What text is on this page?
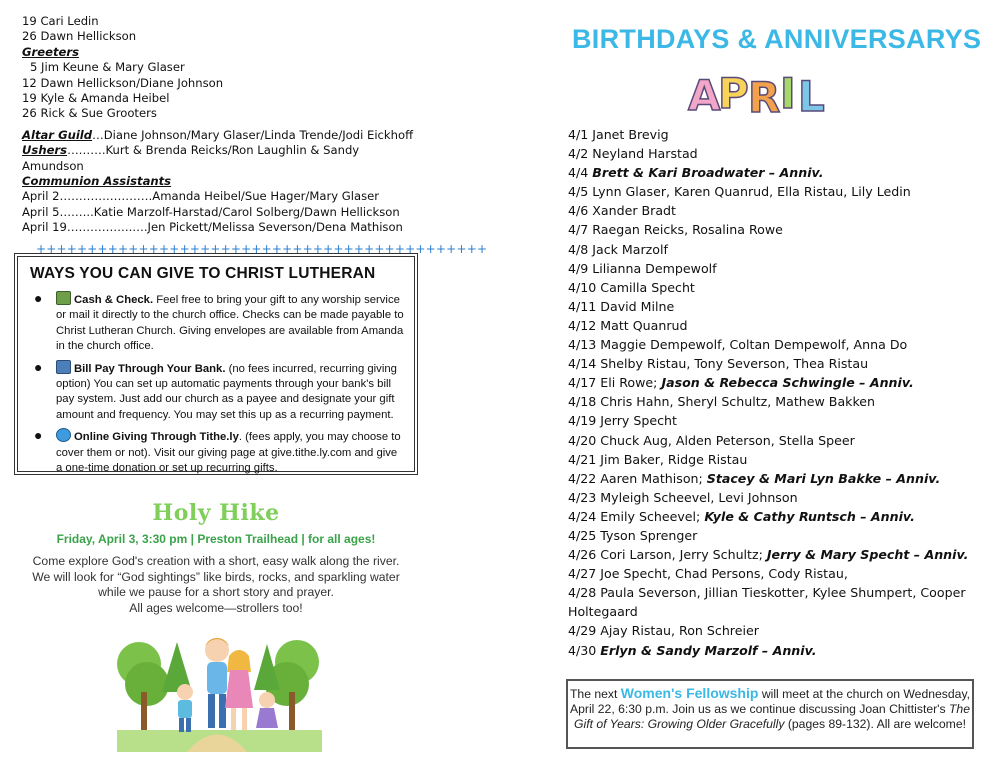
19 Cari Ledin
26 Dawn Hellickson
Greeters
5 Jim Keune & Mary Glaser
12 Dawn Hellickson/Diane Johnson
19 Kyle & Amanda Heibel
26 Rick & Sue Grooters
Altar Guild…Diane Johnson/Mary Glaser/Linda Trende/Jodi Eickhoff
Ushers……….Kurt & Brenda Reicks/Ron Laughlin & Sandy Amundson
Communion Assistants
April 2……………………Amanda Heibel/Sue Hager/Mary Glaser
April 5….…..Katie Marzolf-Harstad/Carol Solberg/Dawn Hellickson
April 19……………..….Jen Pickett/Melissa Severson/Dena Mathison
++++++++++++++++++++++++++++++++++++++++++++
WAYS YOU CAN GIVE TO CHRIST LUTHERAN
●	Cash & Check. Feel free to bring your gift to any worship service or mail it directly to the church office. Checks can be made payable to Christ Lutheran Church. Giving envelopes are available from Amanda in the church office.
●	Bill Pay Through Your Bank. (no fees incurred, recurring giving option) You can set up automatic payments through your bank's bill pay system. Just add our church as a payee and designate your gift amount and frequency. You may set this up as a recurring payment.
●	Online Giving Through Tithe.ly. (fees apply, you may choose to cover them or not). Visit our giving page at give.tithe.ly.com and give a one-time donation or set up recurring gifts.
Holy Hike
Friday, April 3, 3:30 pm | Preston Trailhead | for all ages!
Come explore God's creation with a short, easy walk along the river.
We will look for “God sightings” like birds, rocks, and sparkling water
while we pause for a short story and prayer.
All ages welcome—strollers too!
BIRTHDAYS & ANNIVERSARYS
A
P R I L
4/1 Janet Brevig
4/2 Neyland Harstad
4/4 Brett & Kari Broadwater – Anniv.
4/5 Lynn Glaser, Karen Quanrud, Ella Ristau, Lily Ledin
4/6 Xander Bradt
4/7 Raegan Reicks, Rosalina Rowe
4/8 Jack Marzolf
4/9 Lilianna Dempewolf
4/10 Camilla Specht
4/11 David Milne
4/12 Matt Quanrud
4/13 Maggie Dempewolf, Coltan Dempewolf, Anna Do
4/14 Shelby Ristau, Tony Severson, Thea Ristau
4/17 Eli Rowe; Jason & Rebecca Schwingle – Anniv.
4/18 Chris Hahn, Sheryl Schultz, Mathew Bakken
4/19 Jerry Specht
4/20 Chuck Aug, Alden Peterson, Stella Speer
4/21 Jim Baker, Ridge Ristau
4/22 Aaren Mathison; Stacey & Mari Lyn Bakke – Anniv.
4/23 Myleigh Scheevel, Levi Johnson
4/24 Emily Scheevel; Kyle & Cathy Runtsch – Anniv.
4/25 Tyson Sprenger
4/26 Cori Larson, Jerry Schultz; Jerry & Mary Specht – Anniv.
4/27 Joe Specht, Chad Persons, Cody Ristau,
4/28 Paula Severson, Jillian Tieskotter, Kylee Shumpert, Cooper Holtegaard
4/29 Ajay Ristau, Ron Schreier
4/30 Erlyn & Sandy Marzolf – Anniv.
The next Women's Fellowship will meet at the church on Wednesday, April 22, 6:30 p.m. Join us as we continue discussing Joan Chittister's The Gift of Years: Growing Older Gracefully (pages 89-132). All are welcome!
